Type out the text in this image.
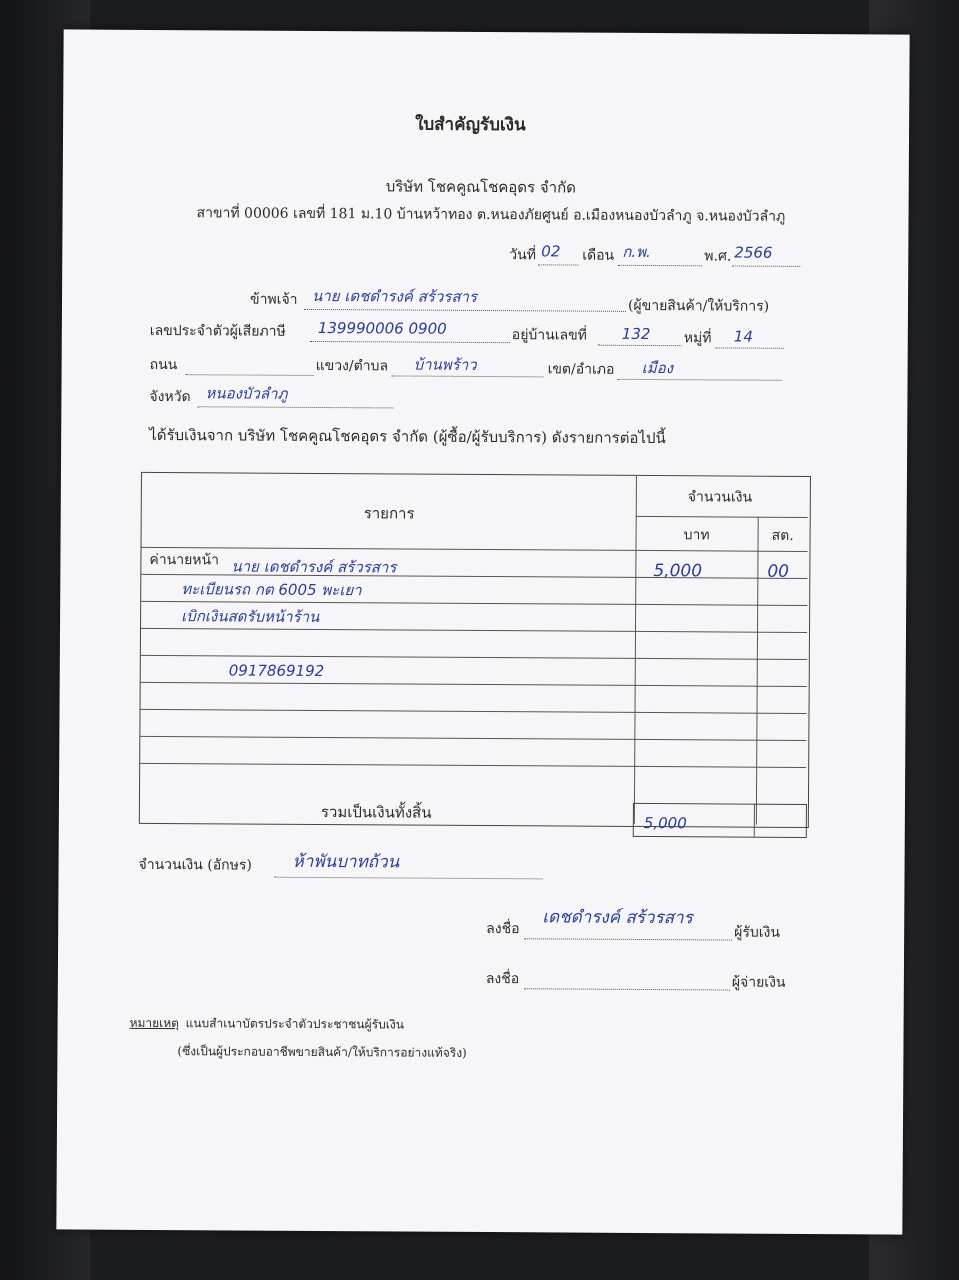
ใบสำคัญรับเงิน
บริษัท โชคคูณโชคอุดร จำกัด
สาขาที่ 00006 เลขที่ 181 ม.10 บ้านหว้าทอง ต.หนองภัยศูนย์ อ.เมืองหนองบัวลำภู จ.หนองบัวลำภู
วันที่ 02 เดือน ก.พ.	พ.ศ. 2566
ข้าพเจ้า นาย เดชดำรงค์ สร้วรสาร
(ผู้ขายสินค้า/ให้บริการ)
เลขประจำตัวผู้เสียภาษี 139990006 0900	อยู่บ้านเลขที่ 132 หมู่ที่ 14
ถนน	แขวง/ตำบล บ้านพร้าว	เขต/อำเภอ เมือง
จังหวัด หนองบัวลำภู
ได้รับเงินจาก บริษัท โชคคูณโชคอุดร จำกัด (ผู้ซื้อ/ผู้รับบริการ) ดังรายการต่อไปนี้
รายการ
จำนวนเงิน
บาท	สต.
ค่านายหน้า นาย เดชดำรงค์ สร้วรสาร	5,000	00
ทะเบียนรถ กต 6005 พะเยา
เบิกเงินสดรับหน้าร้าน
0917869192
รวมเป็นเงินทั้งสิ้น
5,000
จำนวนเงิน (อักษร) ห้าพันบาทถ้วน
ลงชื่อ
เดชดำรงค์ สร้วรสาร
ผู้รับเงิน
ลงชื่อ	ผู้จ่ายเงิน
หมายเหตุ แนบสำเนาบัตรประจำตัวประชาชนผู้รับเงิน
(ซึ่งเป็นผู้ประกอบอาชีพขายสินค้า/ให้บริการอย่างแท้จริง)
